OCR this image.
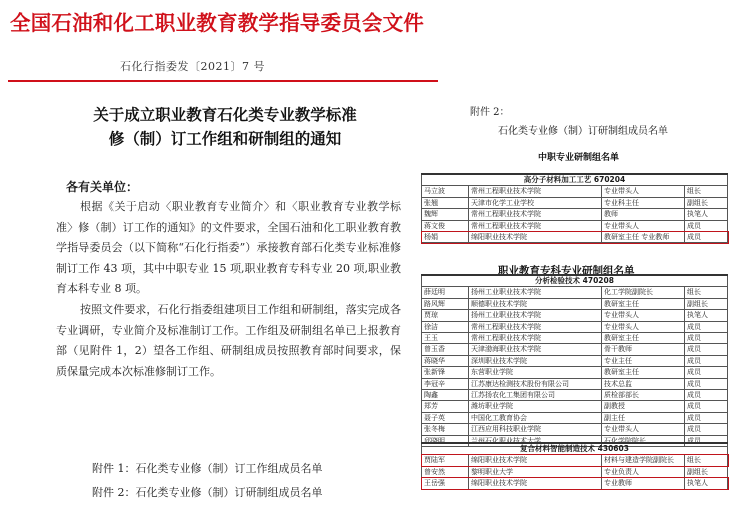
全国石油和化工职业教育教学指导委员会文件
石化行指委发〔2021〕7 号
关于成立职业教育石化类专业教学标准
修（制）订工作组和研制组的通知
各有关单位：

根据《关于启动〈职业教育专业简介〉和〈职业教育专业教学标准〉修（制）订工作的通知》的文件要求，全国石油和化工职业教育教学指导委员会（以下简称“石化行指委”）承接教育部石化类专业标准修制订工作 43 项，其中中职专业 15 项,职业教育专科专业 20 项,职业教育本科专业 8 项。

按照文件要求，石化行指委组建项目工作组和研制组，落实完成各专业调研，专业简介及标准制订工作。工作组及研制组名单已上报教育部（见附件 1，2）望各工作组、研制组成员按照教育部时间要求，保质保量完成本次标准修制订工作。

附件 1：石化类专业修（制）订工作组成员名单
附件 2：石化类专业修（制）订研制组成员名单
附件 2：
石化类专业修（制）订研制组成员名单
中职专业研制组名单
高分子材料加工工艺 670204			
马立波	常州工程职业技术学院	专业带头人	组长
张翘	天津市化学工业学校	专业科主任	副组长
魏辉	常州工程职业技术学院	教师	执笔人
蒋文俊	常州工程职业技术学院	专业带头人	成员
杨娟	绵阳职业技术学院	教研室主任 专业教师	成员
职业教育专科专业研制组名单
分析检验技术 470208			
薛廷明	扬州工业职业技术学院	化工学院副院长	组长
路风辉	顺德职业技术学院	教研室主任	副组长
贾琼	扬州工业职业技术学院	专业带头人	执笔人
徐洁	常州工程职业技术学院	专业带头人	成员
王玉	常州工程职业技术学院	教研室主任	成员
曾玉香	天津渤海职业技术学院	骨干教师	成员
蒋晓华	深圳职业技术学院	专业主任	成员
张新锋	东营职业学院	教研室主任	成员
李冠辛	江苏康达检测技术股份有限公司	技术总监	成员
陶鑫	江苏扬农化工集团有限公司	质检部部长	成员
郑芳	潍坊职业学院	副教授	成员
聂子英	中国化工教育协会	副主任	成员
张冬梅	江西应用科技职业学院	专业带头人	成员
邱晓明	兰州石化职业技术大学	石化学院院长	成员
复合材料智能制造技术 430603			
贾陆军	绵阳职业技术学院	材料与建造学院副院长	组长
曾安然	黎明职业大学	专业负责人	副组长
王岳强	绵阳职业技术学院	专业教师	执笔人
